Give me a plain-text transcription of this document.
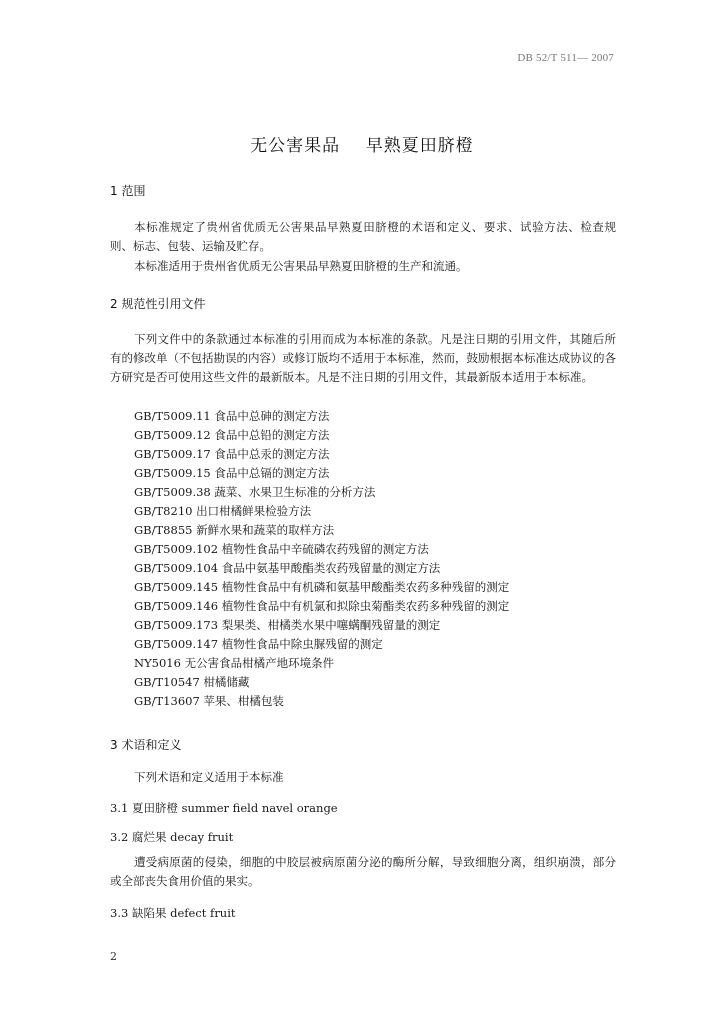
DB 52/T 511— 2007
无公害果品    早熟夏田脐橙
1 范围

本标准规定了贵州省优质无公害果品早熟夏田脐橙的术语和定义、要求、试验方法、检查规则、标志、包装、运输及贮存。

本标准适用于贵州省优质无公害果品早熟夏田脐橙的生产和流通。

2 规范性引用文件

下列文件中的条款通过本标准的引用而成为本标准的条款。凡是注日期的引用文件，其随后所有的修改单（不包括勘误的内容）或修订版均不适用于本标准，然而，鼓励根据本标准达成协议的各方研究是否可使用这些文件的最新版本。凡是不注日期的引用文件，其最新版本适用于本标准。

GB/T5009.11 食品中总砷的测定方法
GB/T5009.12 食品中总铅的测定方法
GB/T5009.17 食品中总汞的测定方法
GB/T5009.15 食品中总镉的测定方法
GB/T5009.38 蔬菜、水果卫生标准的分析方法
GB/T8210 出口柑橘鲜果检验方法
GB/T8855 新鲜水果和蔬菜的取样方法
GB/T5009.102 植物性食品中辛硫磷农药残留的测定方法
GB/T5009.104 食品中氨基甲酸酯类农药残留量的测定方法
GB/T5009.145 植物性食品中有机磷和氨基甲酸酯类农药多种残留的测定
GB/T5009.146 植物性食品中有机氯和拟除虫菊酯类农药多种残留的测定
GB/T5009.173 梨果类、柑橘类水果中噻螨酮残留量的测定
GB/T5009.147 植物性食品中除虫脲残留的测定
NY5016 无公害食品柑橘产地环境条件
GB/T10547 柑橘储藏
GB/T13607 苹果、柑橘包装
3 术语和定义

下列术语和定义适用于本标准

3.1 夏田脐橙 summer field navel orange
3.2 腐烂果 decay fruit

遭受病原菌的侵染，细胞的中胶层被病原菌分泌的酶所分解，导致细胞分离，组织崩溃，部分或全部丧失食用价值的果实。

3.3 缺陷果 defect fruit
2
